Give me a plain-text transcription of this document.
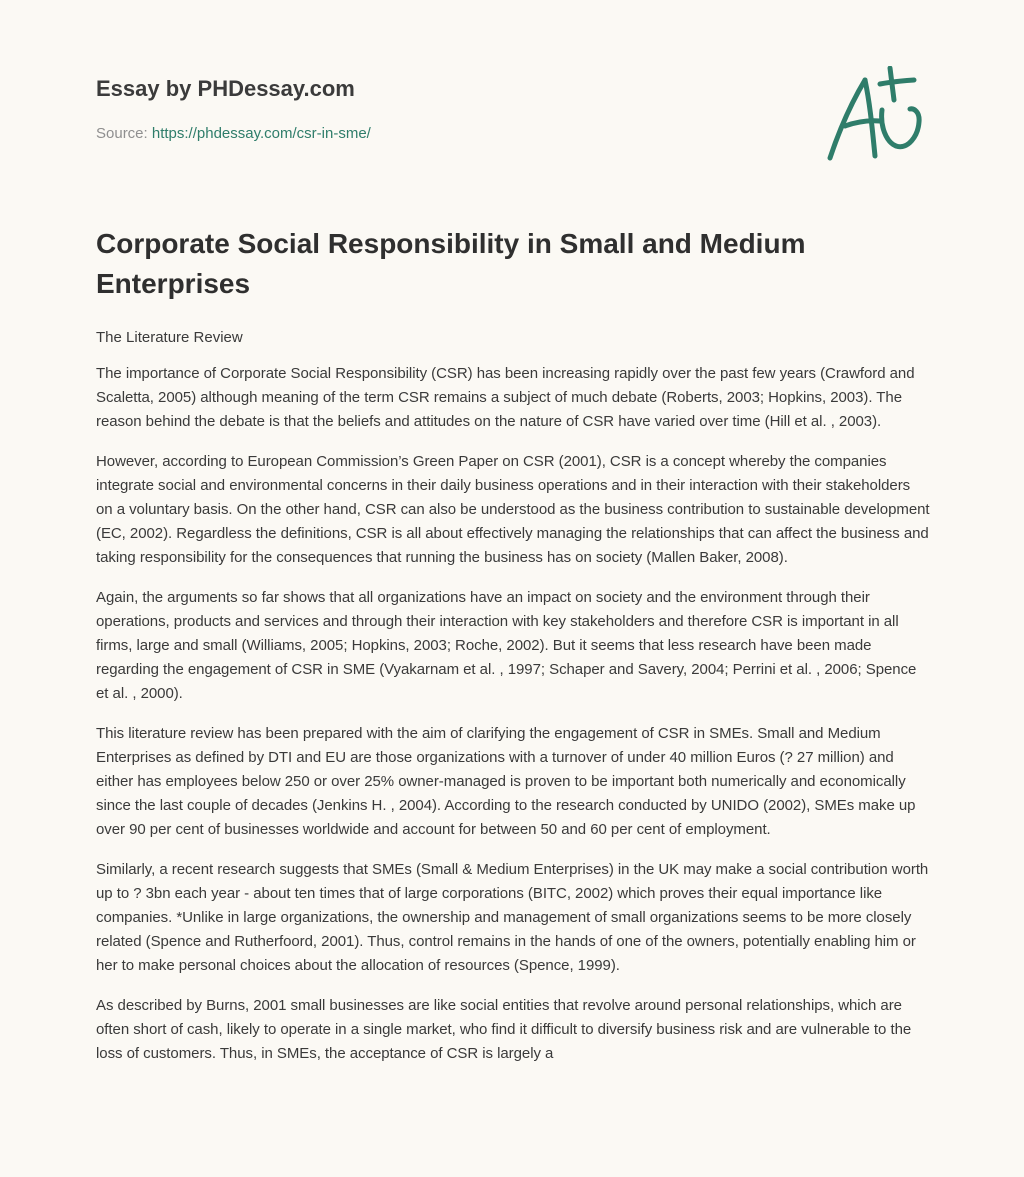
Essay by PHDessay.com
Source: https://phdessay.com/csr-in-sme/
Corporate Social Responsibility in Small and Medium Enterprises

The Literature Review

The importance of Corporate Social Responsibility (CSR) has been increasing rapidly over the past few years (Crawford and Scaletta, 2005) although meaning of the term CSR remains a subject of much debate (Roberts, 2003; Hopkins, 2003). The reason behind the debate is that the beliefs and attitudes on the nature of CSR have varied over time (Hill et al. , 2003).

However, according to European Commission’s Green Paper on CSR (2001), CSR is a concept whereby the companies integrate social and environmental concerns in their daily business operations and in their interaction with their stakeholders on a voluntary basis. On the other hand, CSR can also be understood as the business contribution to sustainable development (EC, 2002). Regardless the definitions, CSR is all about effectively managing the relationships that can affect the business and taking responsibility for the consequences that running the business has on society (Mallen Baker, 2008).

Again, the arguments so far shows that all organizations have an impact on society and the environment through their operations, products and services and through their interaction with key stakeholders and therefore CSR is important in all firms, large and small (Williams, 2005; Hopkins, 2003; Roche, 2002). But it seems that less research have been made regarding the engagement of CSR in SME (Vyakarnam et al. , 1997; Schaper and Savery, 2004; Perrini et al. , 2006; Spence et al. , 2000).

This literature review has been prepared with the aim of clarifying the engagement of CSR in SMEs. Small and Medium Enterprises as defined by DTI and EU are those organizations with a turnover of under 40 million Euros (? 27 million) and either has employees below 250 or over 25% owner-managed is proven to be important both numerically and economically since the last couple of decades (Jenkins H. , 2004). According to the research conducted by UNIDO (2002), SMEs make up over 90 per cent of businesses worldwide and account for between 50 and 60 per cent of employment.

Similarly, a recent research suggests that SMEs (Small & Medium Enterprises) in the UK may make a social contribution worth up to ? 3bn each year - about ten times that of large corporations (BITC, 2002) which proves their equal importance like companies. *Unlike in large organizations, the ownership and management of small organizations seems to be more closely related (Spence and Rutherfoord, 2001). Thus, control remains in the hands of one of the owners, potentially enabling him or her to make personal choices about the allocation of resources (Spence, 1999).

As described by Burns, 2001 small businesses are like social entities that revolve around personal relationships, which are often short of cash, likely to operate in a single market, who find it difficult to diversify business risk and are vulnerable to the loss of customers. Thus, in SMEs, the acceptance of CSR is largely a
